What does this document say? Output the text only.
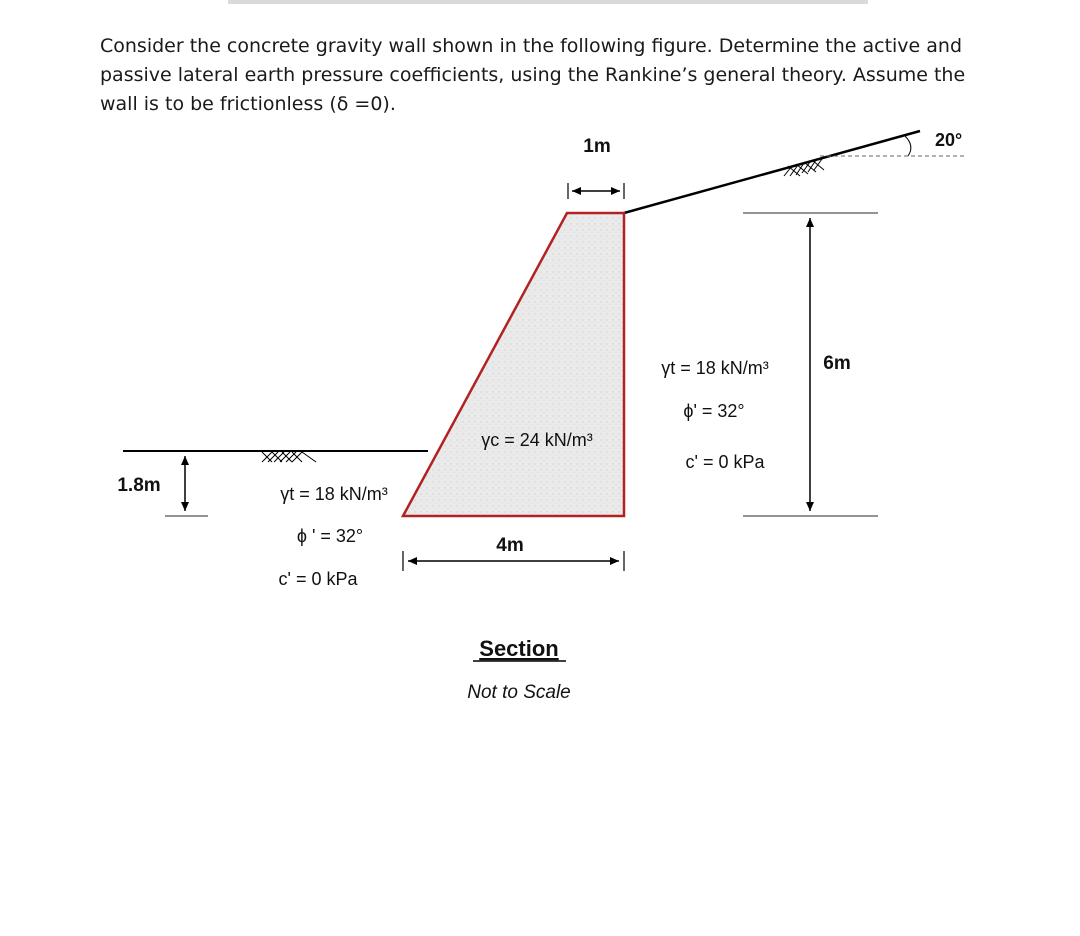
Consider the concrete gravity wall shown in the following figure. Determine the active and
passive lateral earth pressure coefficients, using the Rankine’s general theory. Assume the
wall is to be frictionless (δ =0).
20°
1m
6m
1.8m
4m
γc = 24 kN/m³
γt = 18 kN/m³
ϕ' = 32°
c' = 0 kPa
γt = 18 kN/m³
ϕ ' = 32°
c' = 0 kPa
Section
Not to Scale
